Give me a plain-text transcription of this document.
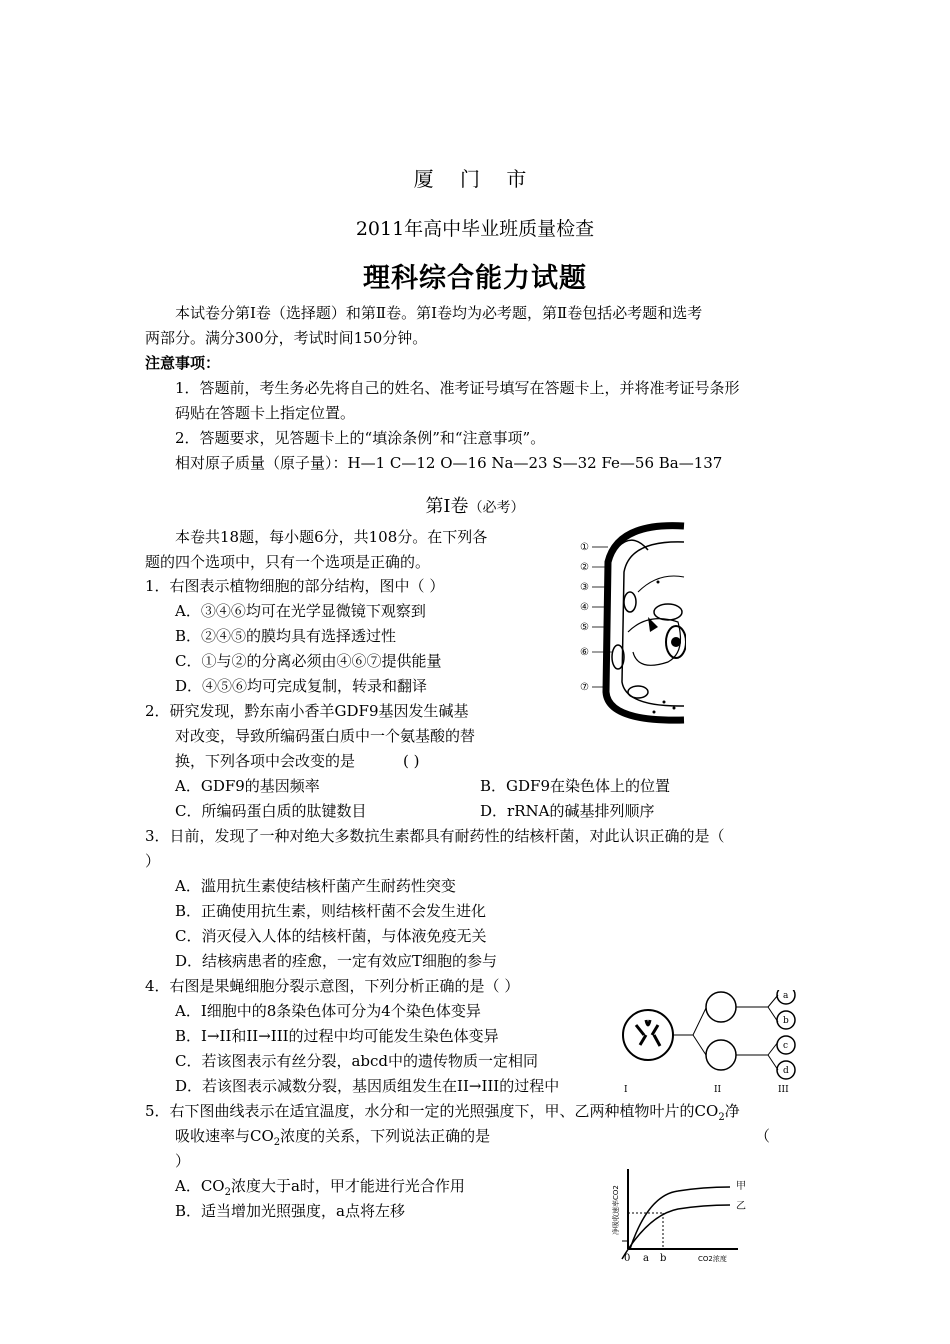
厦 门 市
2011年高中毕业班质量检查
理科综合能力试题
本试卷分第Ⅰ卷（选择题）和第Ⅱ卷。第Ⅰ卷均为必考题，第Ⅱ卷包括必考题和选考
两部分。满分300分，考试时间150分钟。
注意事项：
1．答题前，考生务必先将自己的姓名、准考证号填写在答题卡上，并将准考证号条形
码贴在答题卡上指定位置。
2．答题要求，见答题卡上的“填涂条例”和“注意事项”。
相对原子质量（原子量）：H—1 C—12 O—16 Na—23 S—32 Fe—56 Ba—137
第Ⅰ卷（必考）
本卷共18题，每小题6分，共108分。在下列各
题的四个选项中，只有一个选项是正确的。
1．右图表示植物细胞的部分结构，图中（ ）
A．③④⑥均可在光学显微镜下观察到
B．②④⑤的膜均具有选择透过性
C．①与②的分离必须由④⑥⑦提供能量
D．④⑤⑥均可完成复制，转录和翻译
2．研究发现，黔东南小香羊GDF9基因发生碱基
对改变，导致所编码蛋白质中一个氨基酸的替
换，下列各项中会改变的是	( )
A．GDF9的基因频率	B．GDF9在染色体上的位置
C．所编码蛋白质的肽键数目	D．rRNA的碱基排列顺序
3．日前，发现了一种对绝大多数抗生素都具有耐药性的结核杆菌，对此认识正确的是（
）
A．滥用抗生素使结核杆菌产生耐药性突变
B．正确使用抗生素，则结核杆菌不会发生进化
C．消灭侵入人体的结核杆菌，与体液免疫无关
D．结核病患者的痊愈，一定有效应T细胞的参与
4．右图是果蝇细胞分裂示意图，下列分析正确的是（ ）
A．I细胞中的8条染色体可分为4个染色体变异
B．I→II和II→III的过程中均可能发生染色体变异
C．若该图表示有丝分裂，abcd中的遗传物质一定相同
D．若该图表示减数分裂，基因质组发生在II→III的过程中
5．右下图曲线表示在适宜温度，水分和一定的光照强度下，甲、乙两种植物叶片的$CO_2$净
吸收速率与$CO_2$浓度的关系，下列说法正确的是	（
）
A．$CO_2$浓度大于a时，甲才能进行光合作用
B．适当增加光照强度，a点将左移
①
②
③
④
⑤
⑥
⑦
a
b
c
d
I	II	III
甲
乙
0 a b	CO2浓度
净吸收速率CO2
